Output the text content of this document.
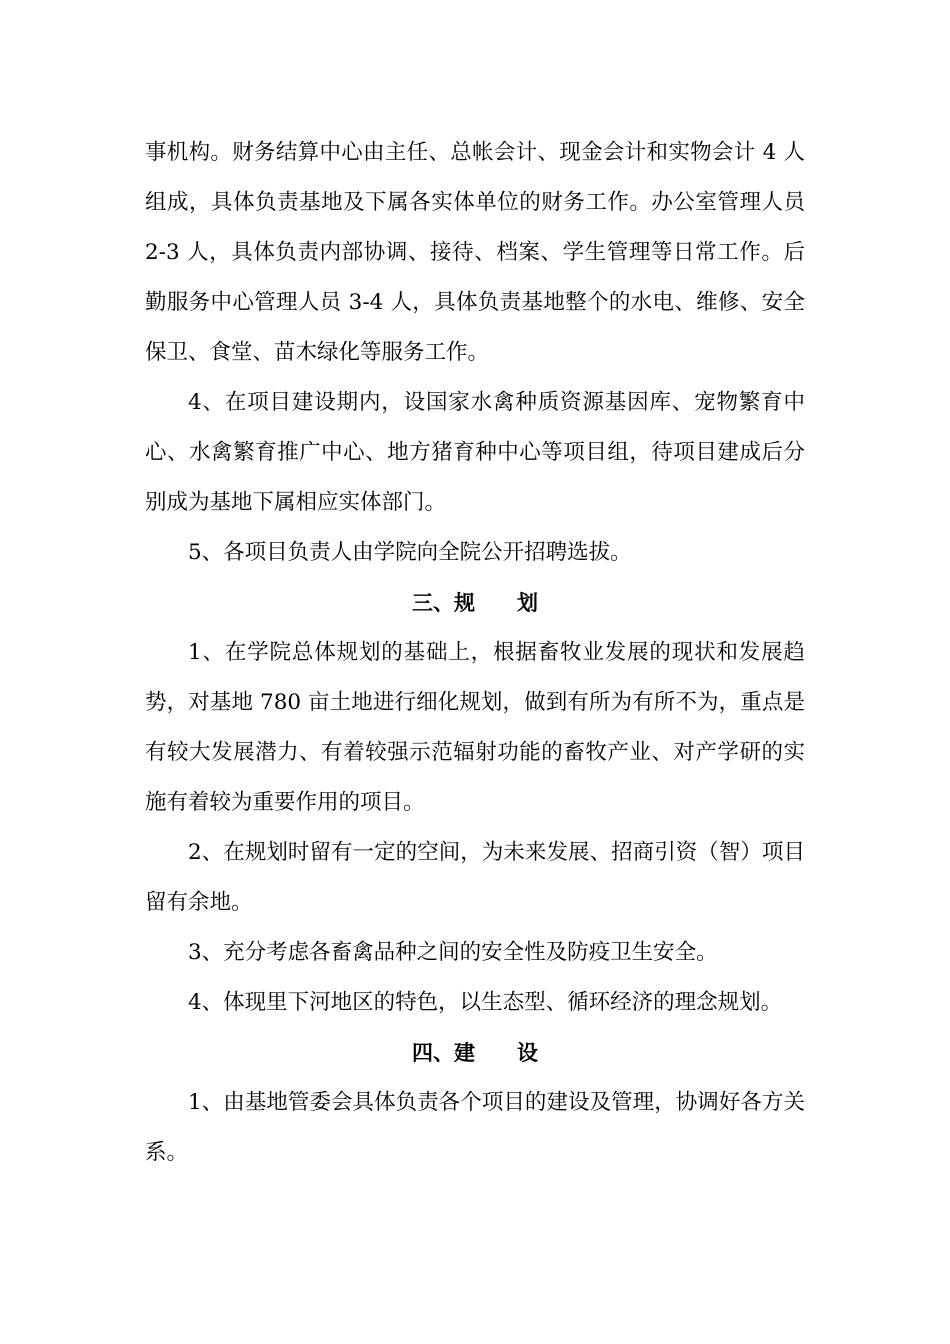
事机构。财务结算中心由主任、总帐会计、现金会计和实物会计 4 人组成，具体负责基地及下属各实体单位的财务工作。办公室管理人员 2-3 人，具体负责内部协调、接待、档案、学生管理等日常工作。后勤服务中心管理人员 3-4 人，具体负责基地整个的水电、维修、安全保卫、食堂、苗木绿化等服务工作。

4、在项目建设期内，设国家水禽种质资源基因库、宠物繁育中心、水禽繁育推广中心、地方猪育种中心等项目组，待项目建成后分别成为基地下属相应实体部门。

5、各项目负责人由学院向全院公开招聘选拔。

三、规　　划

1、在学院总体规划的基础上，根据畜牧业发展的现状和发展趋势，对基地 780 亩土地进行细化规划，做到有所为有所不为，重点是有较大发展潜力、有着较强示范辐射功能的畜牧产业、对产学研的实施有着较为重要作用的项目。

2、在规划时留有一定的空间，为未来发展、招商引资（智）项目留有余地。

3、充分考虑各畜禽品种之间的安全性及防疫卫生安全。

4、体现里下河地区的特色，以生态型、循环经济的理念规划。

四、建　　设

1、由基地管委会具体负责各个项目的建设及管理，协调好各方关系。
